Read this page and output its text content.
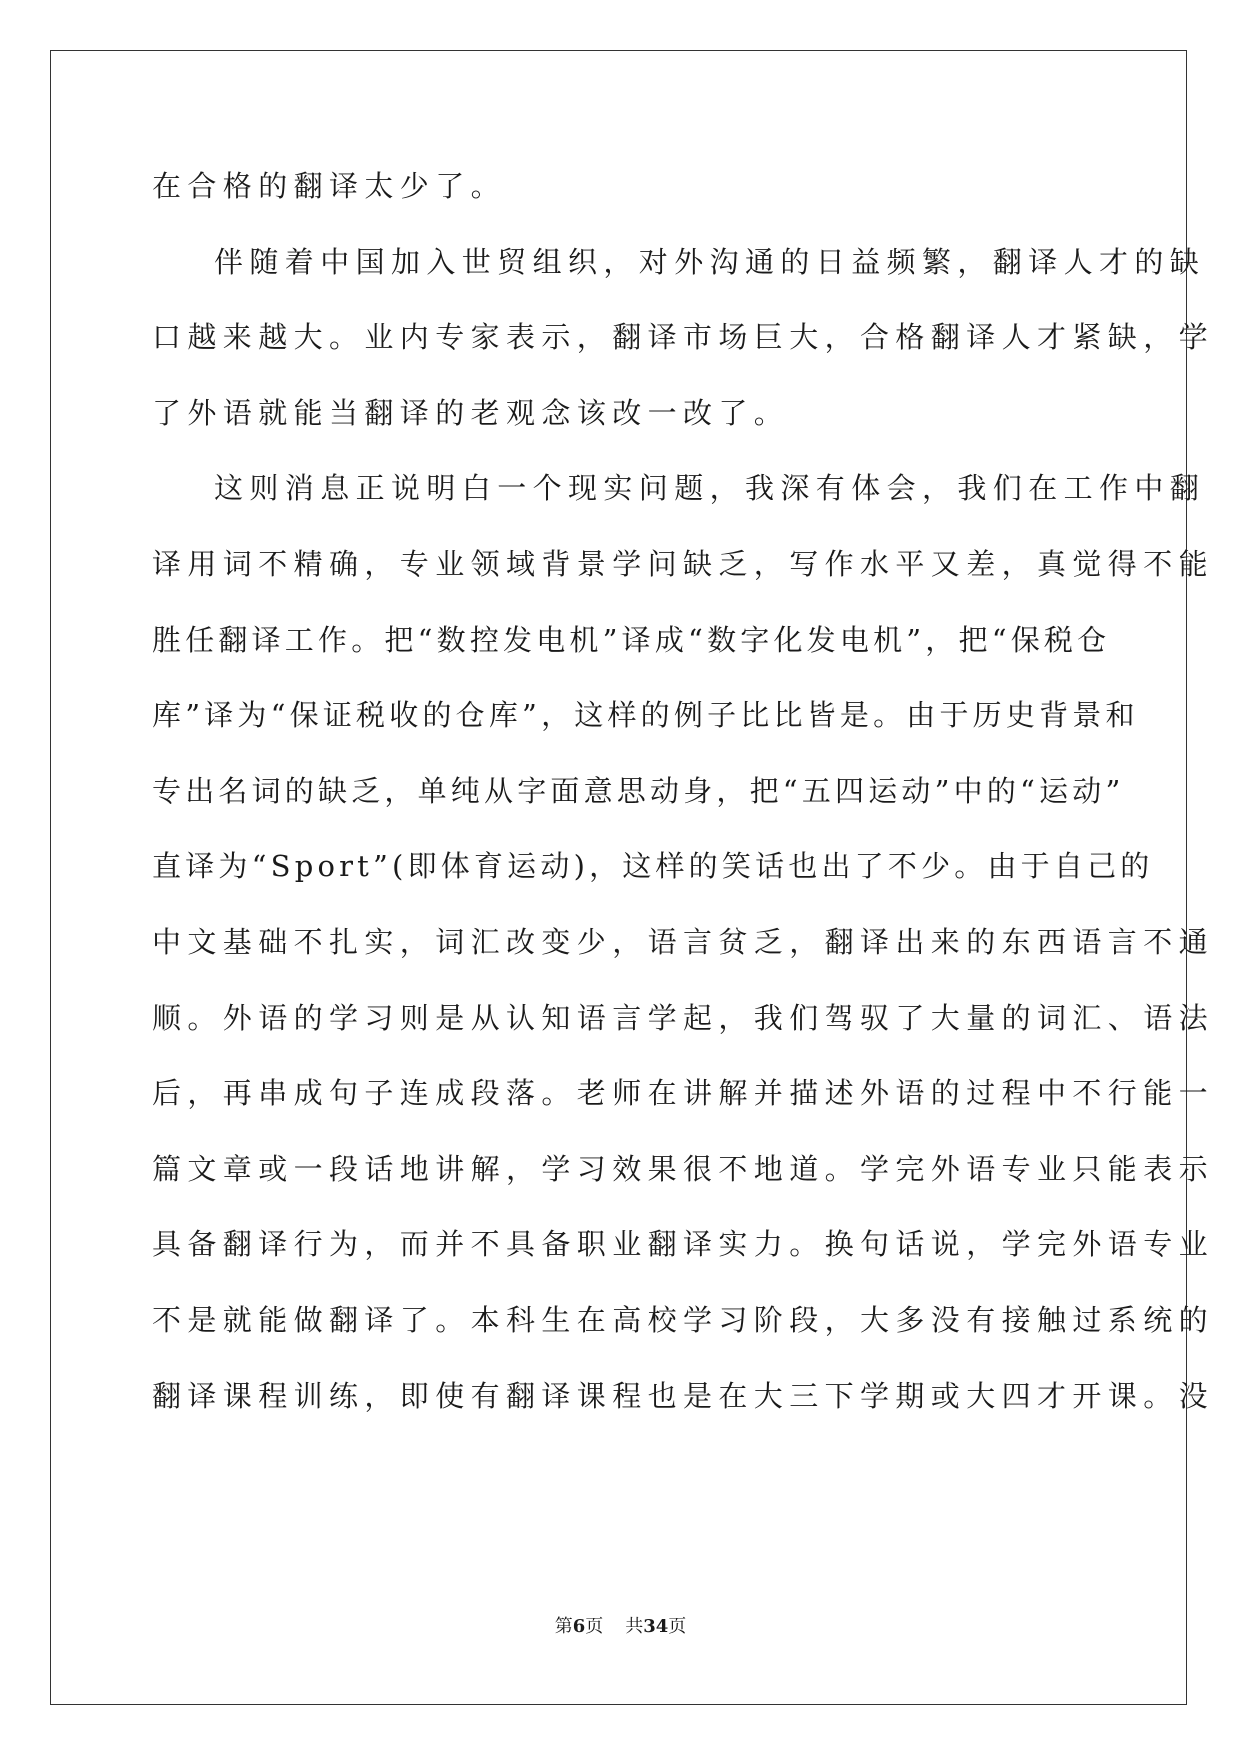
在合格的翻译太少了。
伴随着中国加入世贸组织，对外沟通的日益频繁，翻译人才的缺
口越来越大。业内专家表示，翻译市场巨大，合格翻译人才紧缺，学
了外语就能当翻译的老观念该改一改了。
这则消息正说明白一个现实问题，我深有体会，我们在工作中翻
译用词不精确，专业领域背景学问缺乏，写作水平又差，真觉得不能
胜任翻译工作。把“数控发电机”译成“数字化发电机”，把“保税仓
库”译为“保证税收的仓库”，这样的例子比比皆是。由于历史背景和
专出名词的缺乏，单纯从字面意思动身，把“五四运动”中的“运动”
直译为“Sport”(即体育运动)，这样的笑话也出了不少。由于自己的
中文基础不扎实，词汇改变少，语言贫乏，翻译出来的东西语言不通
顺。外语的学习则是从认知语言学起，我们驾驭了大量的词汇、语法
后，再串成句子连成段落。老师在讲解并描述外语的过程中不行能一
篇文章或一段话地讲解，学习效果很不地道。学完外语专业只能表示
具备翻译行为，而并不具备职业翻译实力。换句话说，学完外语专业
不是就能做翻译了。本科生在高校学习阶段，大多没有接触过系统的
翻译课程训练，即使有翻译课程也是在大三下学期或大四才开课。没
第6页 共34页
